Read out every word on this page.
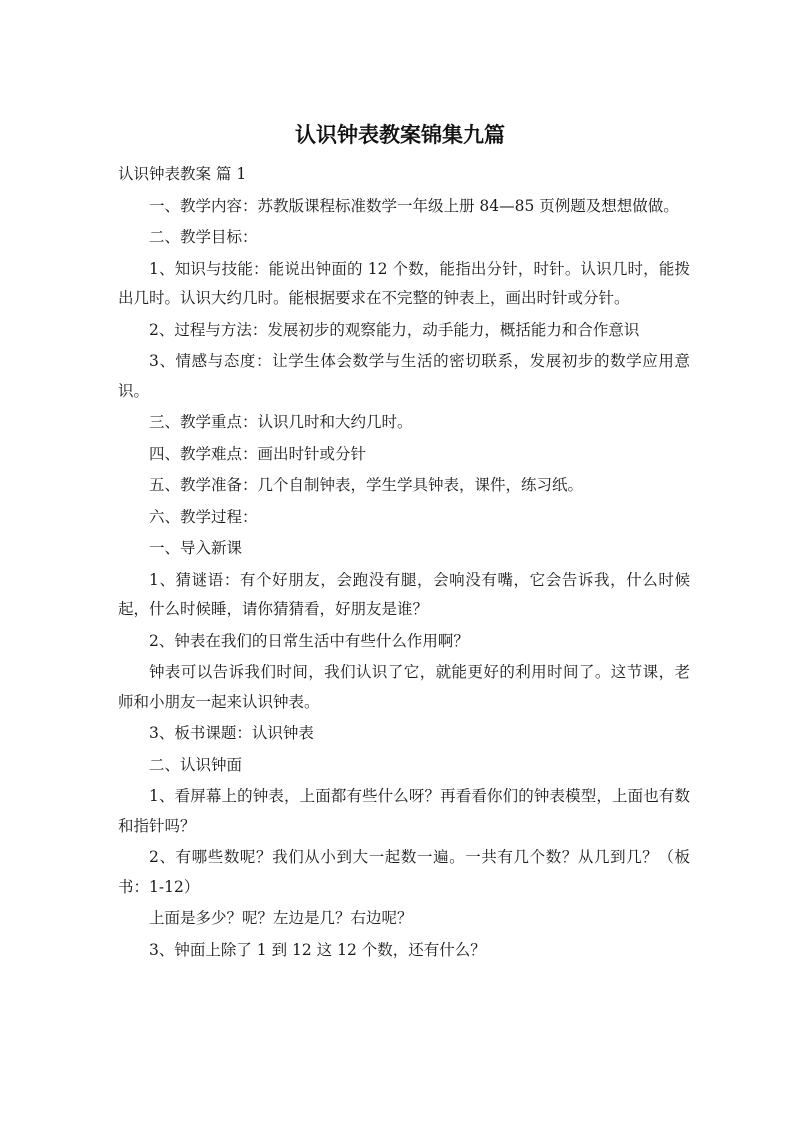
认识钟表教案锦集九篇

认识钟表教案 篇 1

一、教学内容：苏教版课程标准数学一年级上册 84—85 页例题及想想做做。

二、教学目标：

1、知识与技能：能说出钟面的 12 个数，能指出分针，时针。认识几时，能拨出几时。认识大约几时。能根据要求在不完整的钟表上，画出时针或分针。

2、过程与方法：发展初步的观察能力，动手能力，概括能力和合作意识

3、情感与态度：让学生体会数学与生活的密切联系，发展初步的数学应用意识。

三、教学重点：认识几时和大约几时。

四、教学难点：画出时针或分针

五、教学准备：几个自制钟表，学生学具钟表，课件，练习纸。

六、教学过程：

一、导入新课

1、猜谜语：有个好朋友，会跑没有腿，会响没有嘴，它会告诉我，什么时候起，什么时候睡，请你猜猜看，好朋友是谁？

2、钟表在我们的日常生活中有些什么作用啊？

钟表可以告诉我们时间，我们认识了它，就能更好的利用时间了。这节课，老师和小朋友一起来认识钟表。

3、板书课题：认识钟表

二、认识钟面

1、看屏幕上的钟表，上面都有些什么呀？再看看你们的钟表模型，上面也有数和指针吗？

2、有哪些数呢？我们从小到大一起数一遍。一共有几个数？从几到几？（板书：1-12）

上面是多少？呢？左边是几？右边呢？

3、钟面上除了 1 到 12 这 12 个数，还有什么？
